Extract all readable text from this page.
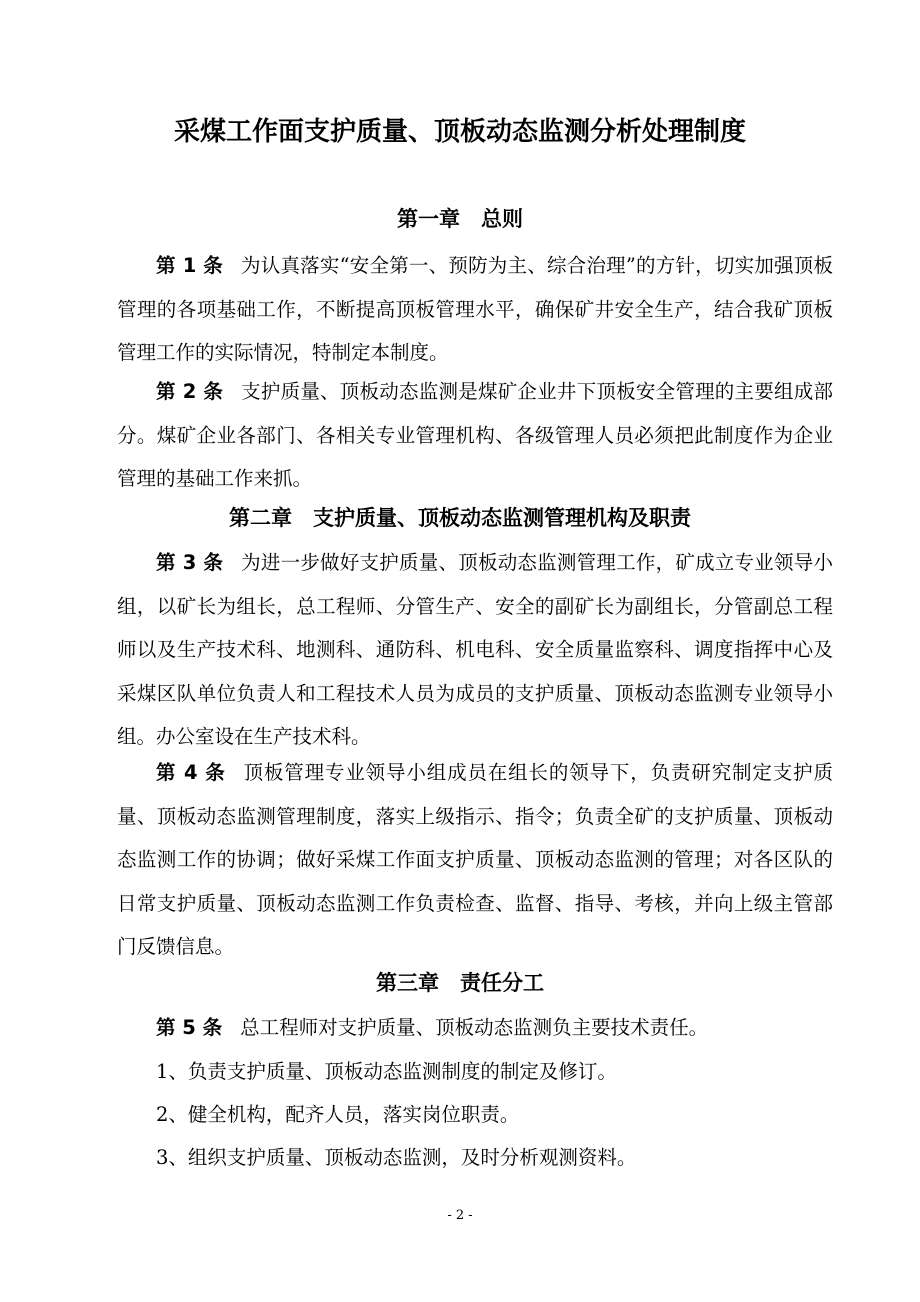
采煤工作面支护质量、顶板动态监测分析处理制度
第一章　总则
第 1 条 为认真落实“安全第一、预防为主、综合治理”的方针，切实加强顶板管理的各项基础工作，不断提高顶板管理水平，确保矿井安全生产，结合我矿顶板管理工作的实际情况，特制定本制度。
第 2 条 支护质量、顶板动态监测是煤矿企业井下顶板安全管理的主要组成部分。煤矿企业各部门、各相关专业管理机构、各级管理人员必须把此制度作为企业管理的基础工作来抓。
第二章　支护质量、顶板动态监测管理机构及职责
第 3 条 为进一步做好支护质量、顶板动态监测管理工作，矿成立专业领导小组，以矿长为组长，总工程师、分管生产、安全的副矿长为副组长，分管副总工程师以及生产技术科、地测科、通防科、机电科、安全质量监察科、调度指挥中心及采煤区队单位负责人和工程技术人员为成员的支护质量、顶板动态监测专业领导小组。办公室设在生产技术科。
第 4 条 顶板管理专业领导小组成员在组长的领导下，负责研究制定支护质量、顶板动态监测管理制度，落实上级指示、指令；负责全矿的支护质量、顶板动态监测工作的协调；做好采煤工作面支护质量、顶板动态监测的管理；对各区队的日常支护质量、顶板动态监测工作负责检查、监督、指导、考核，并向上级主管部门反馈信息。
第三章　责任分工
第 5 条 总工程师对支护质量、顶板动态监测负主要技术责任。
1、负责支护质量、顶板动态监测制度的制定及修订。
2、健全机构，配齐人员，落实岗位职责。
3、组织支护质量、顶板动态监测，及时分析观测资料。
- 2 -
